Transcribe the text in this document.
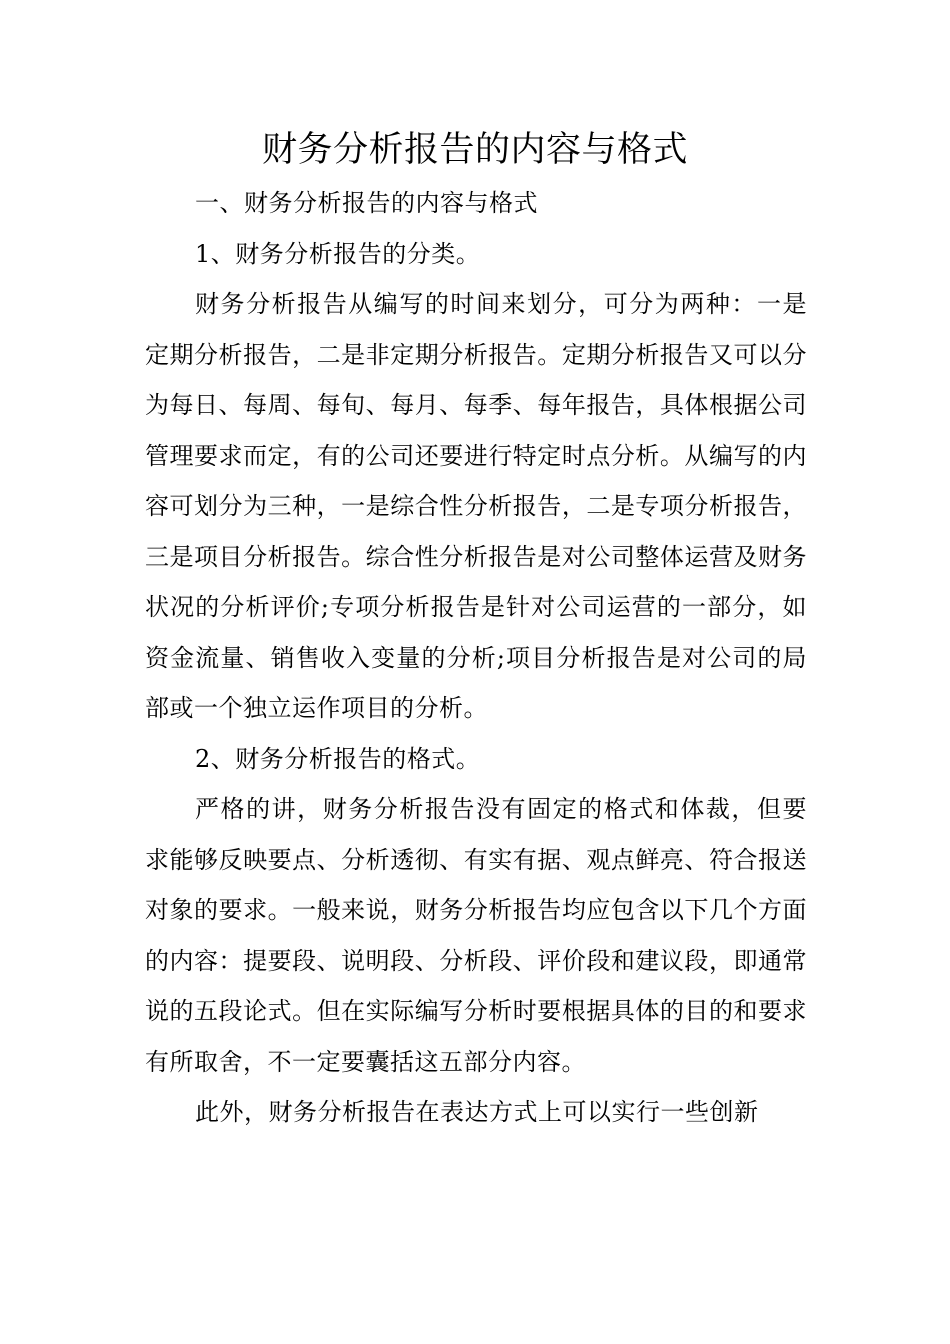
财务分析报告的内容与格式

一、财务分析报告的内容与格式

1、财务分析报告的分类。

财务分析报告从编写的时间来划分，可分为两种：一是定期分析报告，二是非定期分析报告。定期分析报告又可以分为每日、每周、每旬、每月、每季、每年报告，具体根据公司管理要求而定，有的公司还要进行特定时点分析。从编写的内容可划分为三种，一是综合性分析报告，二是专项分析报告，三是项目分析报告。综合性分析报告是对公司整体运营及财务状况的分析评价;专项分析报告是针对公司运营的一部分，如资金流量、销售收入变量的分析;项目分析报告是对公司的局部或一个独立运作项目的分析。

2、财务分析报告的格式。

严格的讲，财务分析报告没有固定的格式和体裁，但要求能够反映要点、分析透彻、有实有据、观点鲜亮、符合报送对象的要求。一般来说，财务分析报告均应包含以下几个方面的内容：提要段、说明段、分析段、评价段和建议段，即通常说的五段论式。但在实际编写分析时要根据具体的目的和要求有所取舍，不一定要囊括这五部分内容。

此外，财务分析报告在表达方式上可以实行一些创新
